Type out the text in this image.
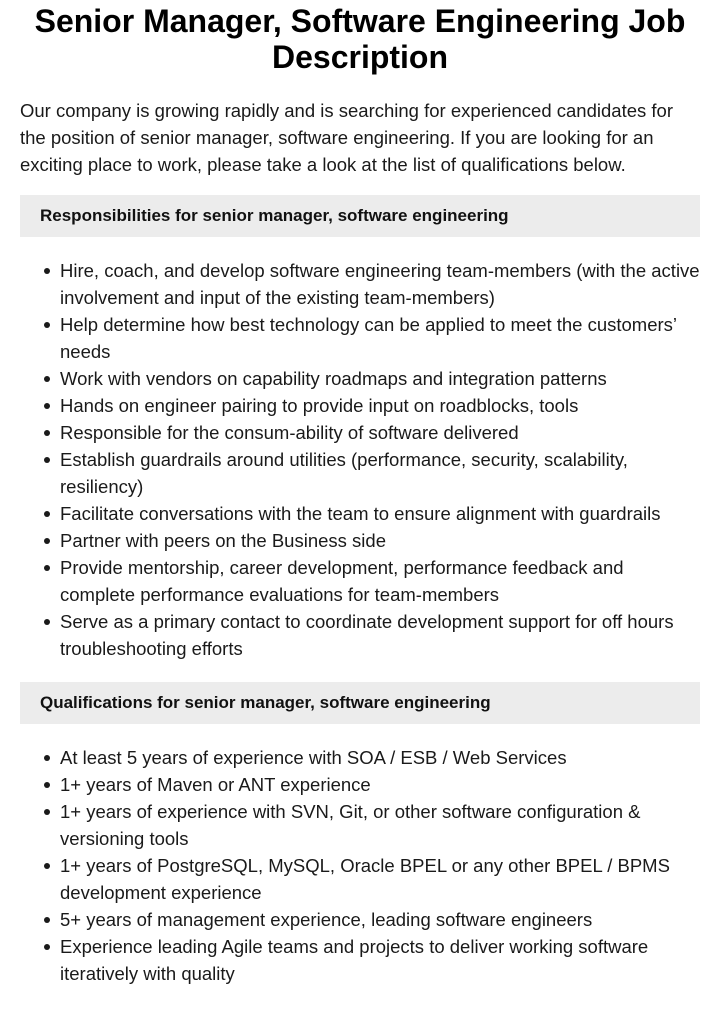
Senior Manager, Software Engineering Job Description

Our company is growing rapidly and is searching for experienced candidates for the position of senior manager, software engineering. If you are looking for an exciting place to work, please take a look at the list of qualifications below.

Responsibilities for senior manager, software engineering
Hire, coach, and develop software engineering team-members (with the active involvement and input of the existing team-members)
Help determine how best technology can be applied to meet the customers’ needs
Work with vendors on capability roadmaps and integration patterns
Hands on engineer pairing to provide input on roadblocks, tools
Responsible for the consum-ability of software delivered
Establish guardrails around utilities (performance, security, scalability, resiliency)
Facilitate conversations with the team to ensure alignment with guardrails
Partner with peers on the Business side
Provide mentorship, career development, performance feedback and complete performance evaluations for team-members
Serve as a primary contact to coordinate development support for off hours troubleshooting efforts
Qualifications for senior manager, software engineering
At least 5 years of experience with SOA / ESB / Web Services
1+ years of Maven or ANT experience
1+ years of experience with SVN, Git, or other software configuration & versioning tools
1+ years of PostgreSQL, MySQL, Oracle BPEL or any other BPEL / BPMS development experience
5+ years of management experience, leading software engineers
Experience leading Agile teams and projects to deliver working software iteratively with quality
